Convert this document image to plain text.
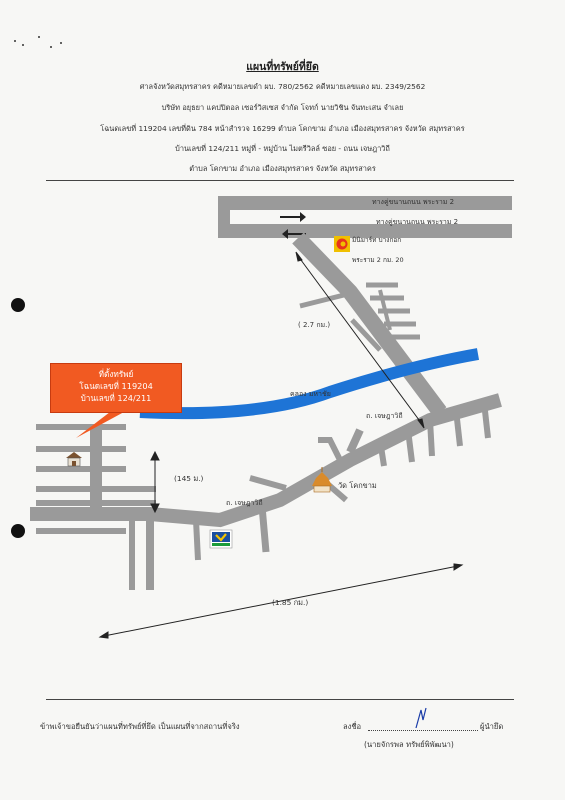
แผนที่ทรัพย์ที่ยึด
ศาลจังหวัดสมุทรสาคร คดีหมายเลขดำ ผบ. 780/2562 คดีหมายเลขแดง ผบ. 2349/2562
บริษัท อยุธยา แคปปิตอล เซอร์วิสเซส จำกัด โจทก์ นายวิชิน จันทะเสน จำเลย
โฉนดเลขที่ 119204 เลขที่ดิน 784 หน้าสำรวจ 16299 ตำบล โคกขาม อำเภอ เมืองสมุทรสาคร จังหวัด สมุทรสาคร
บ้านเลขที่ 124/211 หมู่ที่ - หมู่บ้าน ไมตรีวิลล์ ซอย - ถนน เจษฎาวิถี
ตำบล โคกขาม อำเภอ เมืองสมุทรสาคร จังหวัด สมุทรสาคร
ทางคู่ขนานถนน พระราม 2
ทางคู่ขนานถนน พระราม 2
มินิมาร์ท บางกอก
พระราม 2 กม. 20
( 2.7 กม.)
คลอง มหาชัย
ถ. เจษฎาวิถี
ถ. เจษฎาวิถี
(145 ม.)
วัด โคกขาม
(1.85 กม.)
ที่ตั้งทรัพย์
โฉนดเลขที่ 119204
บ้านเลขที่ 124/211
ข้าพเจ้าขอยืนยันว่าแผนที่ทรัพย์ที่ยึด เป็นแผนที่จากสถานที่จริง	ลงชื่อ	ผู้นำยึด
(นายจักรพล ทรัพย์พิพัฒนา)
